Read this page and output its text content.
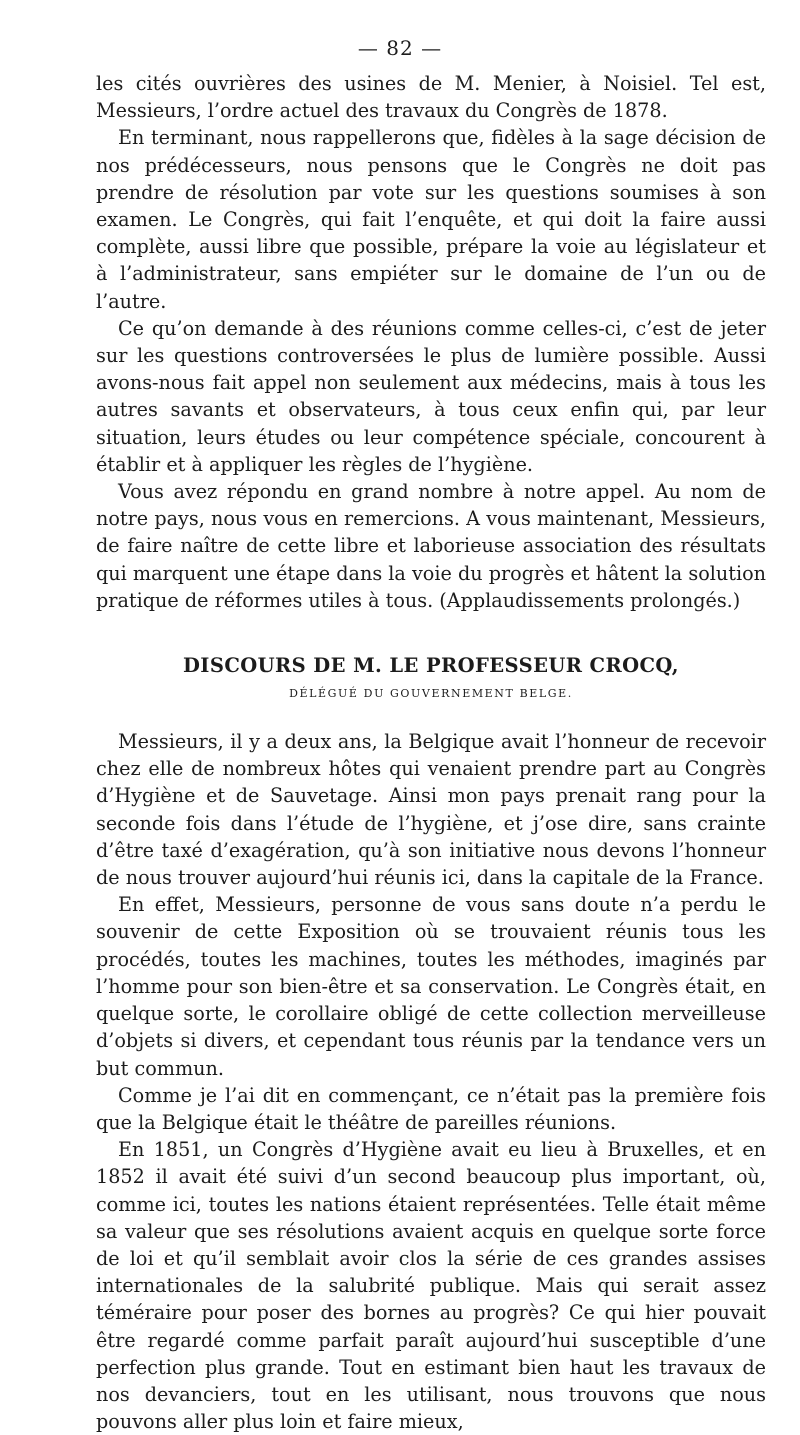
— 82 —

les cités ouvrières des usines de M. Menier, à Noisiel. Tel est, Messieurs, l’ordre actuel des travaux du Congrès de 1878.

En terminant, nous rappellerons que, fidèles à la sage décision de nos prédécesseurs, nous pensons que le Congrès ne doit pas prendre de résolution par vote sur les questions soumises à son examen. Le Congrès, qui fait l’enquête, et qui doit la faire aussi complète, aussi libre que possible, prépare la voie au législateur et à l’administrateur, sans empiéter sur le domaine de l’un ou de l’autre.

Ce qu’on demande à des réunions comme celles-ci, c’est de jeter sur les questions controversées le plus de lumière possible. Aussi avons-nous fait appel non seulement aux médecins, mais à tous les autres savants et observateurs, à tous ceux enfin qui, par leur situation, leurs études ou leur compétence spéciale, concourent à établir et à appliquer les règles de l’hygiène.

Vous avez répondu en grand nombre à notre appel. Au nom de notre pays, nous vous en remercions. A vous maintenant, Messieurs, de faire naître de cette libre et laborieuse association des résultats qui marquent une étape dans la voie du progrès et hâtent la solution pratique de réformes utiles à tous. (Applaudissements prolongés.)

DISCOURS DE M. LE PROFESSEUR CROCQ,
DÉLÉGUÉ DU GOUVERNEMENT BELGE.

Messieurs, il y a deux ans, la Belgique avait l’honneur de recevoir chez elle de nombreux hôtes qui venaient prendre part au Congrès d’Hygiène et de Sauvetage. Ainsi mon pays prenait rang pour la seconde fois dans l’étude de l’hygiène, et j’ose dire, sans crainte d’être taxé d’exagération, qu’à son initiative nous devons l’honneur de nous trouver aujourd’hui réunis ici, dans la capitale de la France.

En effet, Messieurs, personne de vous sans doute n’a perdu le souvenir de cette Exposition où se trouvaient réunis tous les procédés, toutes les machines, toutes les méthodes, imaginés par l’homme pour son bien-être et sa conservation. Le Congrès était, en quelque sorte, le corollaire obligé de cette collection merveilleuse d’objets si divers, et cependant tous réunis par la tendance vers un but commun.

Comme je l’ai dit en commençant, ce n’était pas la première fois que la Belgique était le théâtre de pareilles réunions.

En 1851, un Congrès d’Hygiène avait eu lieu à Bruxelles, et en 1852 il avait été suivi d’un second beaucoup plus important, où, comme ici, toutes les nations étaient représentées. Telle était même sa valeur que ses résolutions avaient acquis en quelque sorte force de loi et qu’il semblait avoir clos la série de ces grandes assises internationales de la salubrité publique. Mais qui serait assez téméraire pour poser des bornes au progrès? Ce qui hier pouvait être regardé comme parfait paraît aujourd’hui susceptible d’une perfection plus grande. Tout en estimant bien haut les travaux de nos devanciers, tout en les utilisant, nous trouvons que nous pouvons aller plus loin et faire mieux,
